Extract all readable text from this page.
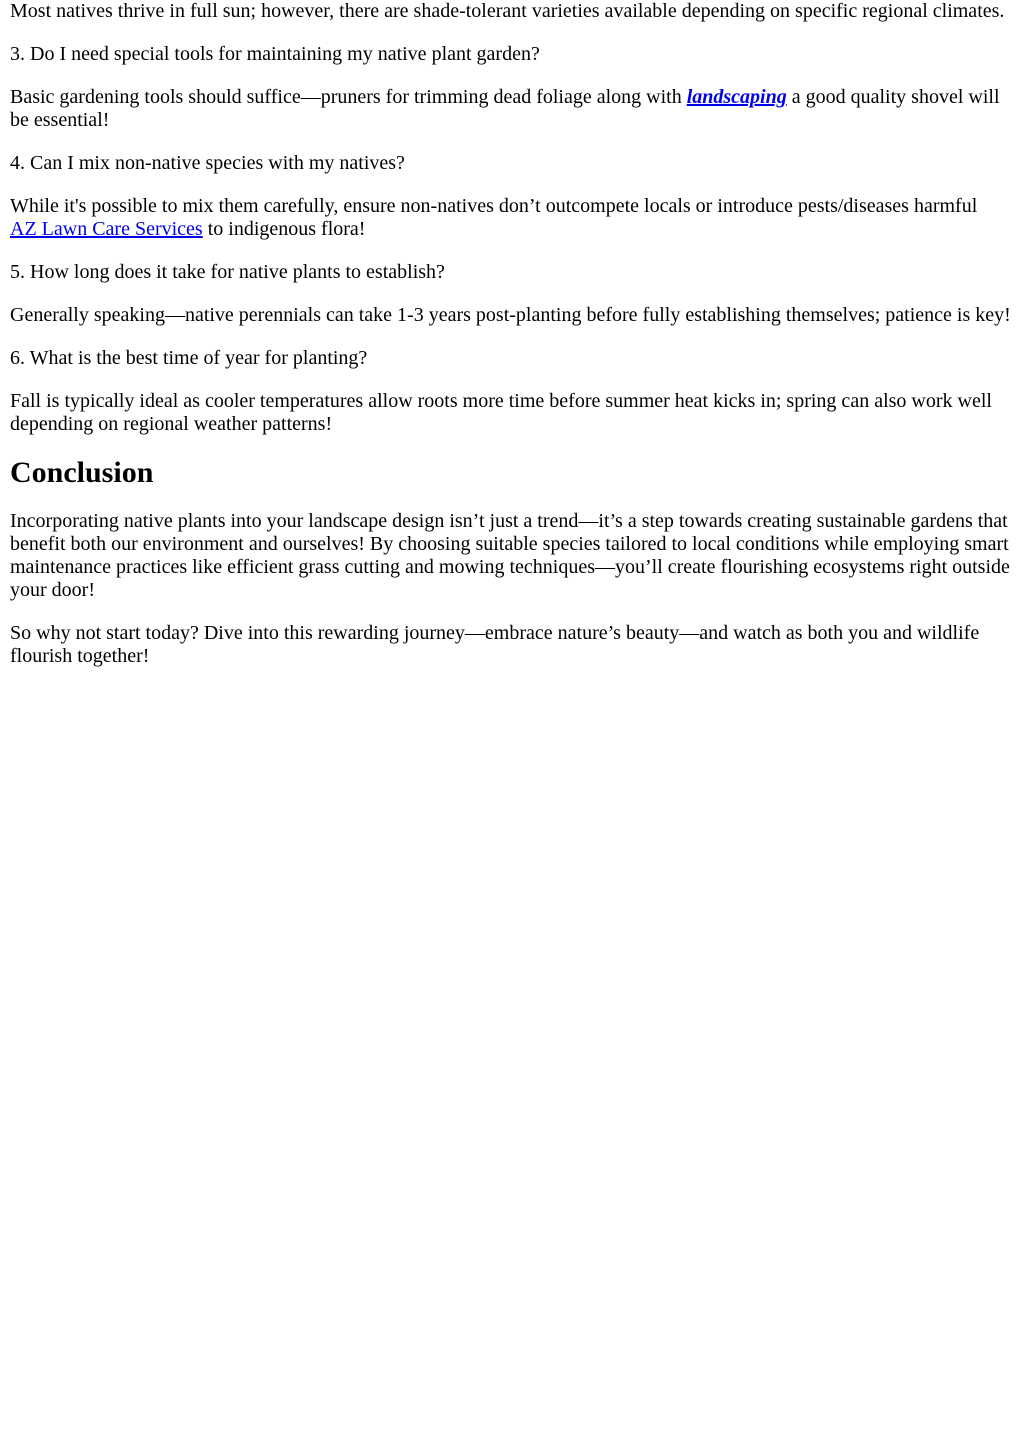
Most natives thrive in full sun; however, there are shade-tolerant varieties available depending on specific regional climates.

3. Do I need special tools for maintaining my native plant garden?

Basic gardening tools should suffice—pruners for trimming dead foliage along with landscaping a good quality shovel will be essential!

4. Can I mix non-native species with my natives?

While it's possible to mix them carefully, ensure non-natives don’t outcompete locals or introduce pests/diseases harmful
AZ Lawn Care Services to indigenous flora!

5. How long does it take for native plants to establish?

Generally speaking—native perennials can take 1-3 years post-planting before fully establishing themselves; patience is key!

6. What is the best time of year for planting?

Fall is typically ideal as cooler temperatures allow roots more time before summer heat kicks in; spring can also work well depending on regional weather patterns!

Conclusion

Incorporating native plants into your landscape design isn’t just a trend—it’s a step towards creating sustainable gardens that benefit both our environment and ourselves! By choosing suitable species tailored to local conditions while employing smart maintenance practices like efficient grass cutting and mowing techniques—you’ll create flourishing ecosystems right outside your door!

So why not start today? Dive into this rewarding journey—embrace nature’s beauty—and watch as both you and wildlife flourish together!
